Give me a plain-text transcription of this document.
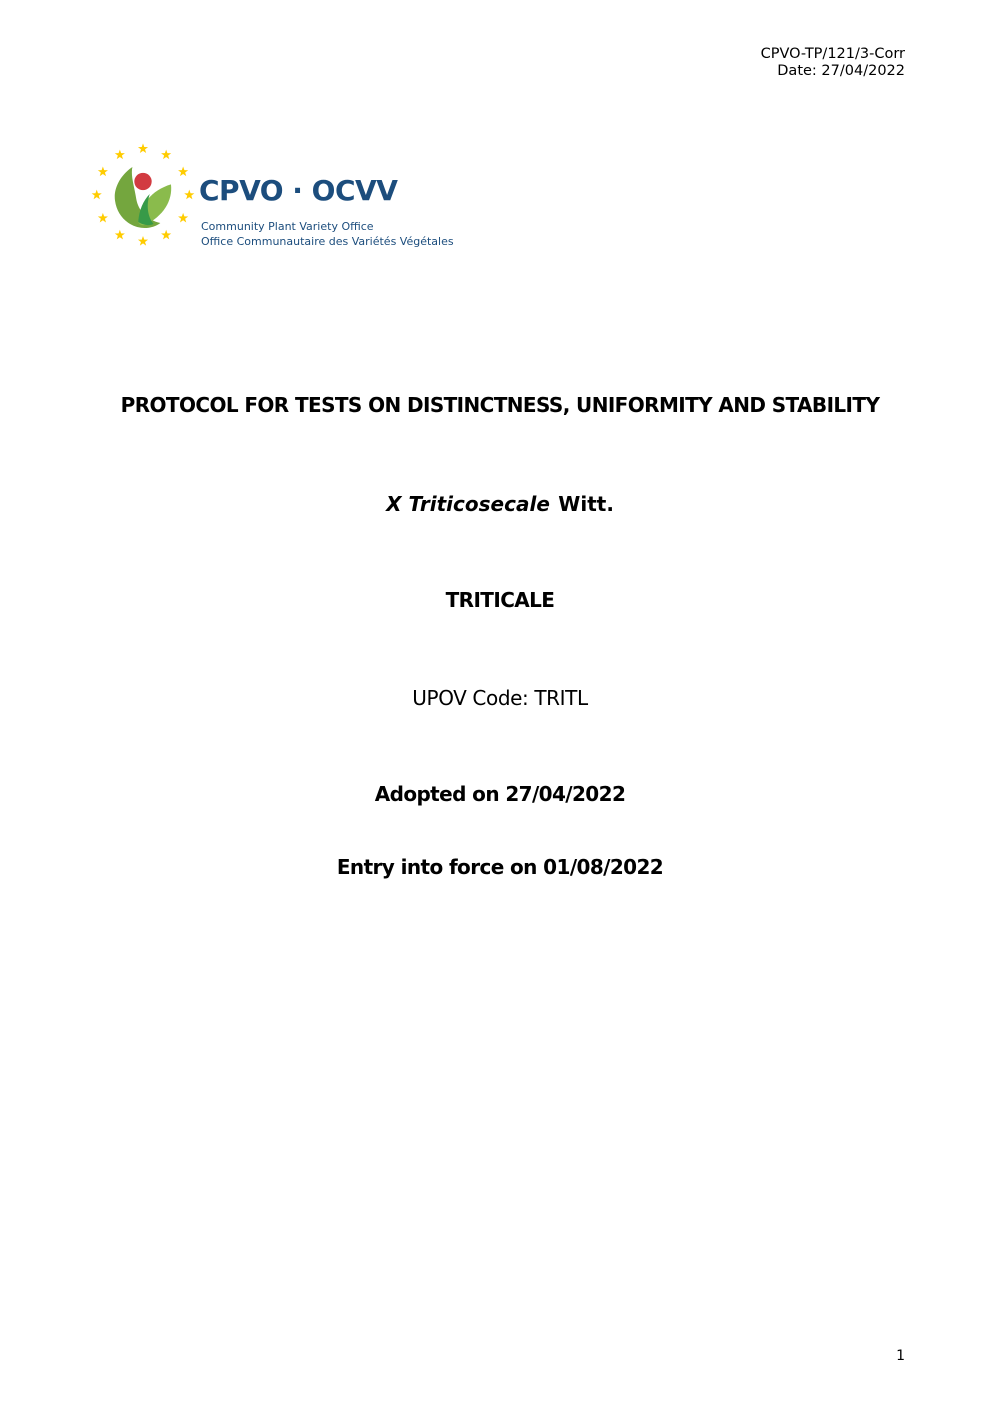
CPVO-TP/121/3-Corr
Date: 27/04/2022
CPVO · OCVV
Community Plant Variety Office
Office Communautaire des Variétés Végétales
PROTOCOL FOR TESTS ON DISTINCTNESS, UNIFORMITY AND STABILITY
X Triticosecale Witt.
TRITICALE
UPOV Code: TRITL
Adopted on 27/04/2022
Entry into force on 01/08/2022
1
